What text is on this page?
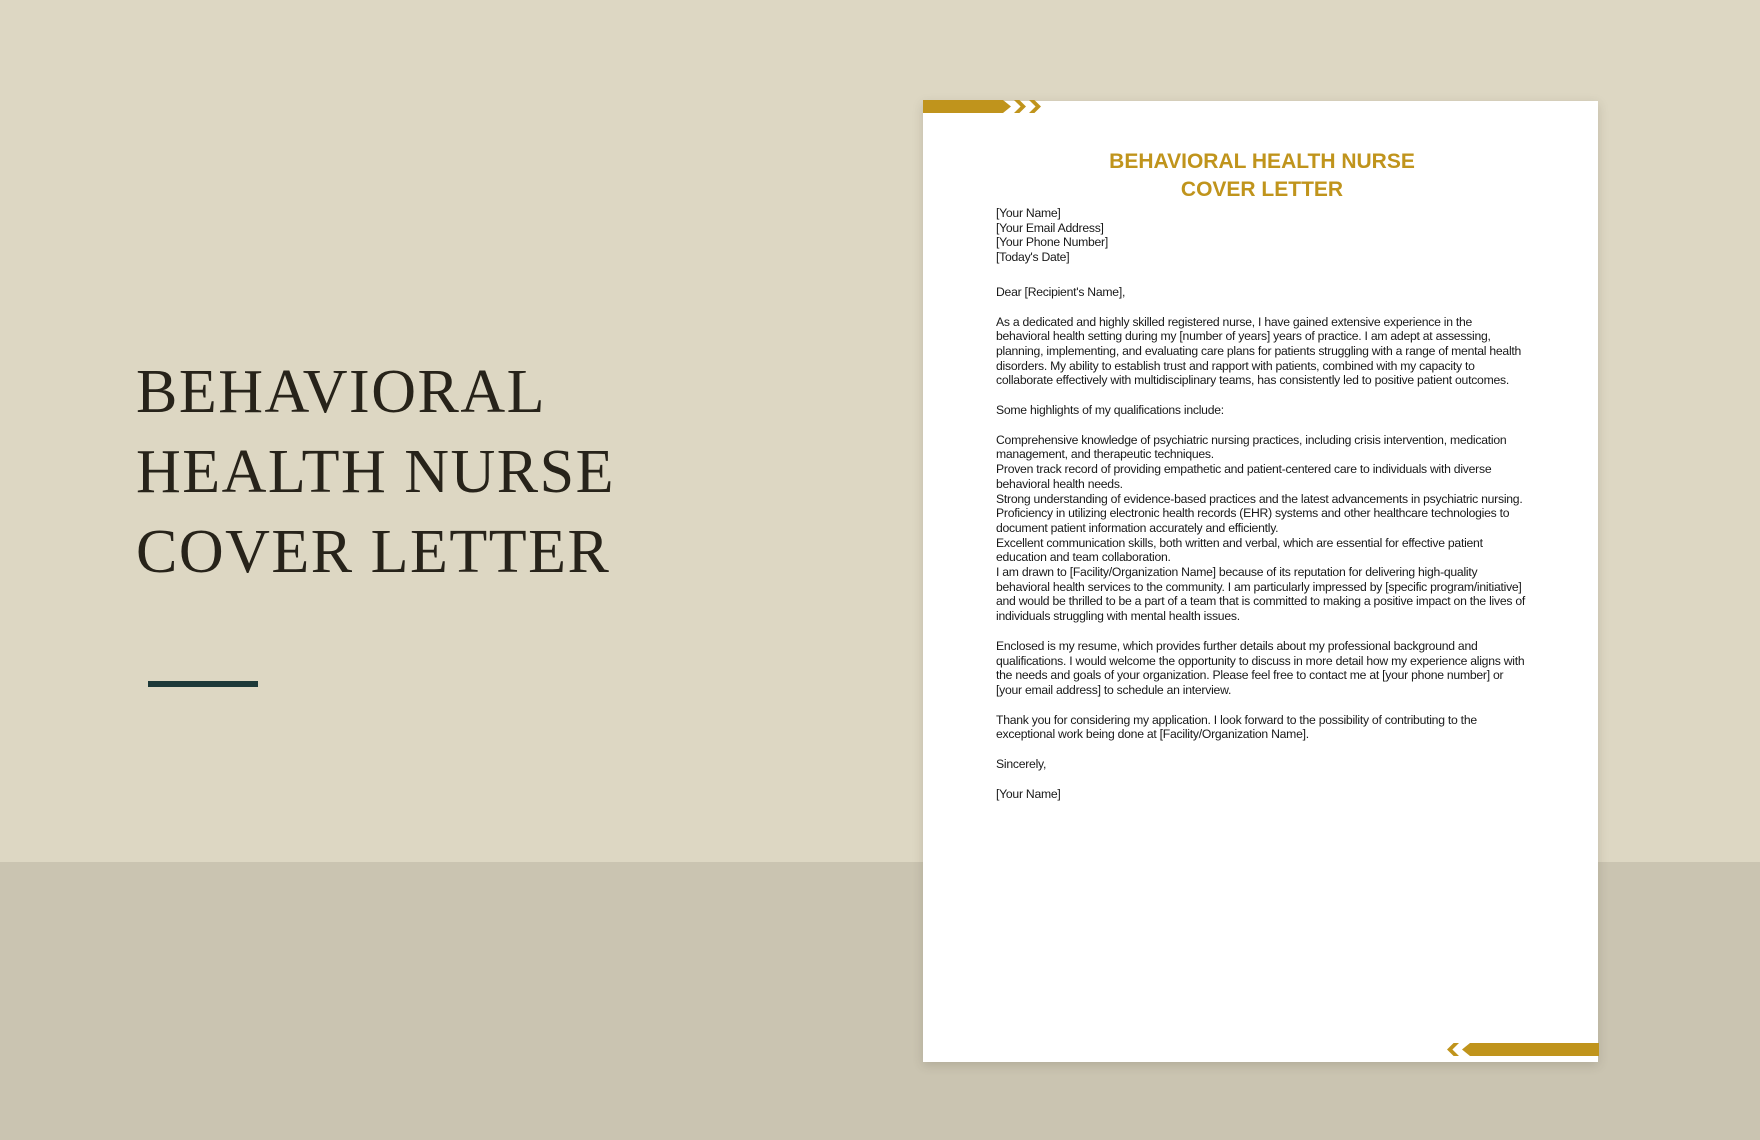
BEHAVIORAL
HEALTH NURSE
COVER LETTER
BEHAVIORAL HEALTH NURSE
COVER LETTER
[Your Name]
[Your Email Address]
[Your Phone Number]
[Today's Date]

Dear [Recipient's Name],

As a dedicated and highly skilled registered nurse, I have gained extensive experience in the behavioral health setting during my [number of years] years of practice. I am adept at assessing, planning, implementing, and evaluating care plans for patients struggling with a range of mental health disorders. My ability to establish trust and rapport with patients, combined with my capacity to collaborate effectively with multidisciplinary teams, has consistently led to positive patient outcomes.

Some highlights of my qualifications include:

Comprehensive knowledge of psychiatric nursing practices, including crisis intervention, medication management, and therapeutic techniques.

Proven track record of providing empathetic and patient-centered care to individuals with diverse behavioral health needs.

Strong understanding of evidence-based practices and the latest advancements in psychiatric nursing.

Proficiency in utilizing electronic health records (EHR) systems and other healthcare technologies to document patient information accurately and efficiently.

Excellent communication skills, both written and verbal, which are essential for effective patient education and team collaboration.

I am drawn to [Facility/Organization Name] because of its reputation for delivering high-quality behavioral health services to the community. I am particularly impressed by [specific program/initiative] and would be thrilled to be a part of a team that is committed to making a positive impact on the lives of individuals struggling with mental health issues.

Enclosed is my resume, which provides further details about my professional background and qualifications. I would welcome the opportunity to discuss in more detail how my experience aligns with the needs and goals of your organization. Please feel free to contact me at [your phone number] or [your email address] to schedule an interview.

Thank you for considering my application. I look forward to the possibility of contributing to the exceptional work being done at [Facility/Organization Name].

Sincerely,

[Your Name]
